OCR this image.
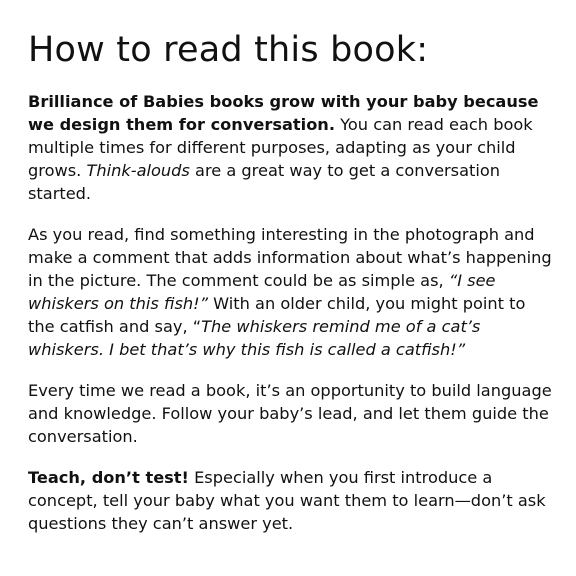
How to read this book:

Brilliance of Babies books grow with your baby because we design them for conversation. You can read each book multiple times for different purposes, adapting as your child grows. Think-alouds are a great way to get a conversation started.

As you read, find something interesting in the photograph and make a comment that adds information about what’s happening in the picture. The comment could be as simple as, “I see whiskers on this fish!” With an older child, you might point to the catfish and say, “The whiskers remind me of a cat’s whiskers. I bet that’s why this fish is called a catfish!”

Every time we read a book, it’s an opportunity to build language and knowledge. Follow your baby’s lead, and let them guide the conversation.

Teach, don’t test! Especially when you first introduce a concept, tell your baby what you want them to learn—don’t ask questions they can’t answer yet.
